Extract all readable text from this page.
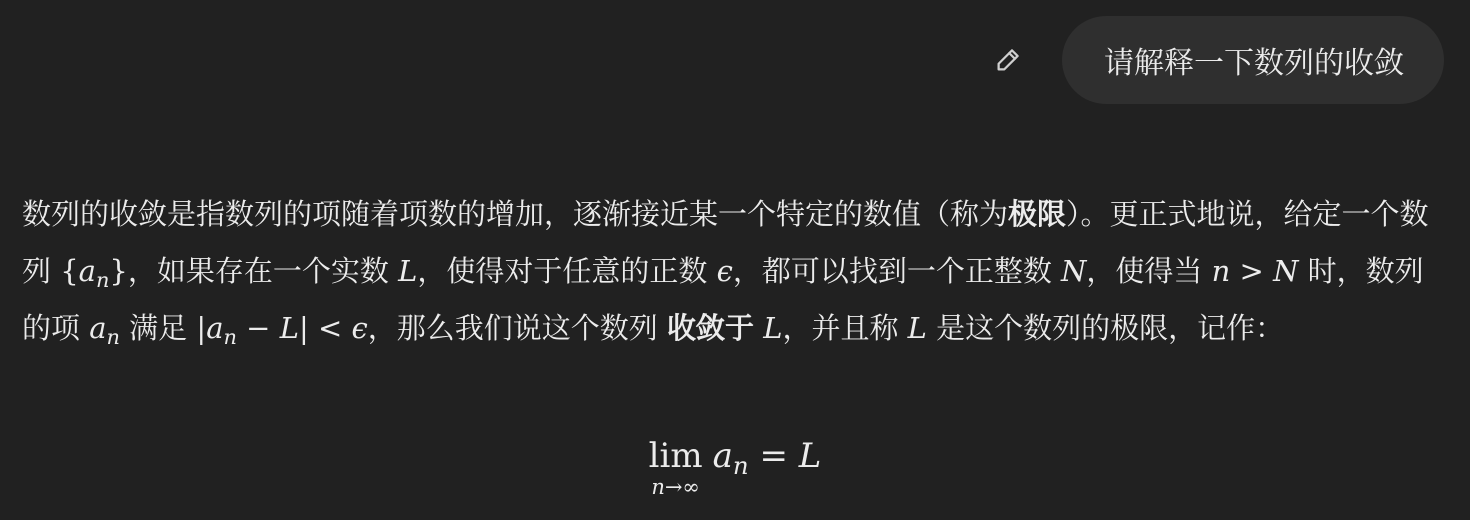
请解释一下数列的收敛

数列的收敛是指数列的项随着项数的增加，逐渐接近某一个特定的数值（称为极限）。更正式地说，给定一个数列 $\{a_n\}$，如果存在一个实数 L，使得对于任意的正数 ϵ，都可以找到一个正整数 N，使得当 n > N 时，数列的项 $a_n$ 满足 $|a_n - L| < \epsilon$，那么我们说这个数列 收敛于 L，并且称 L 是这个数列的极限，记作：

lim
n→∞
$a_n = L$
